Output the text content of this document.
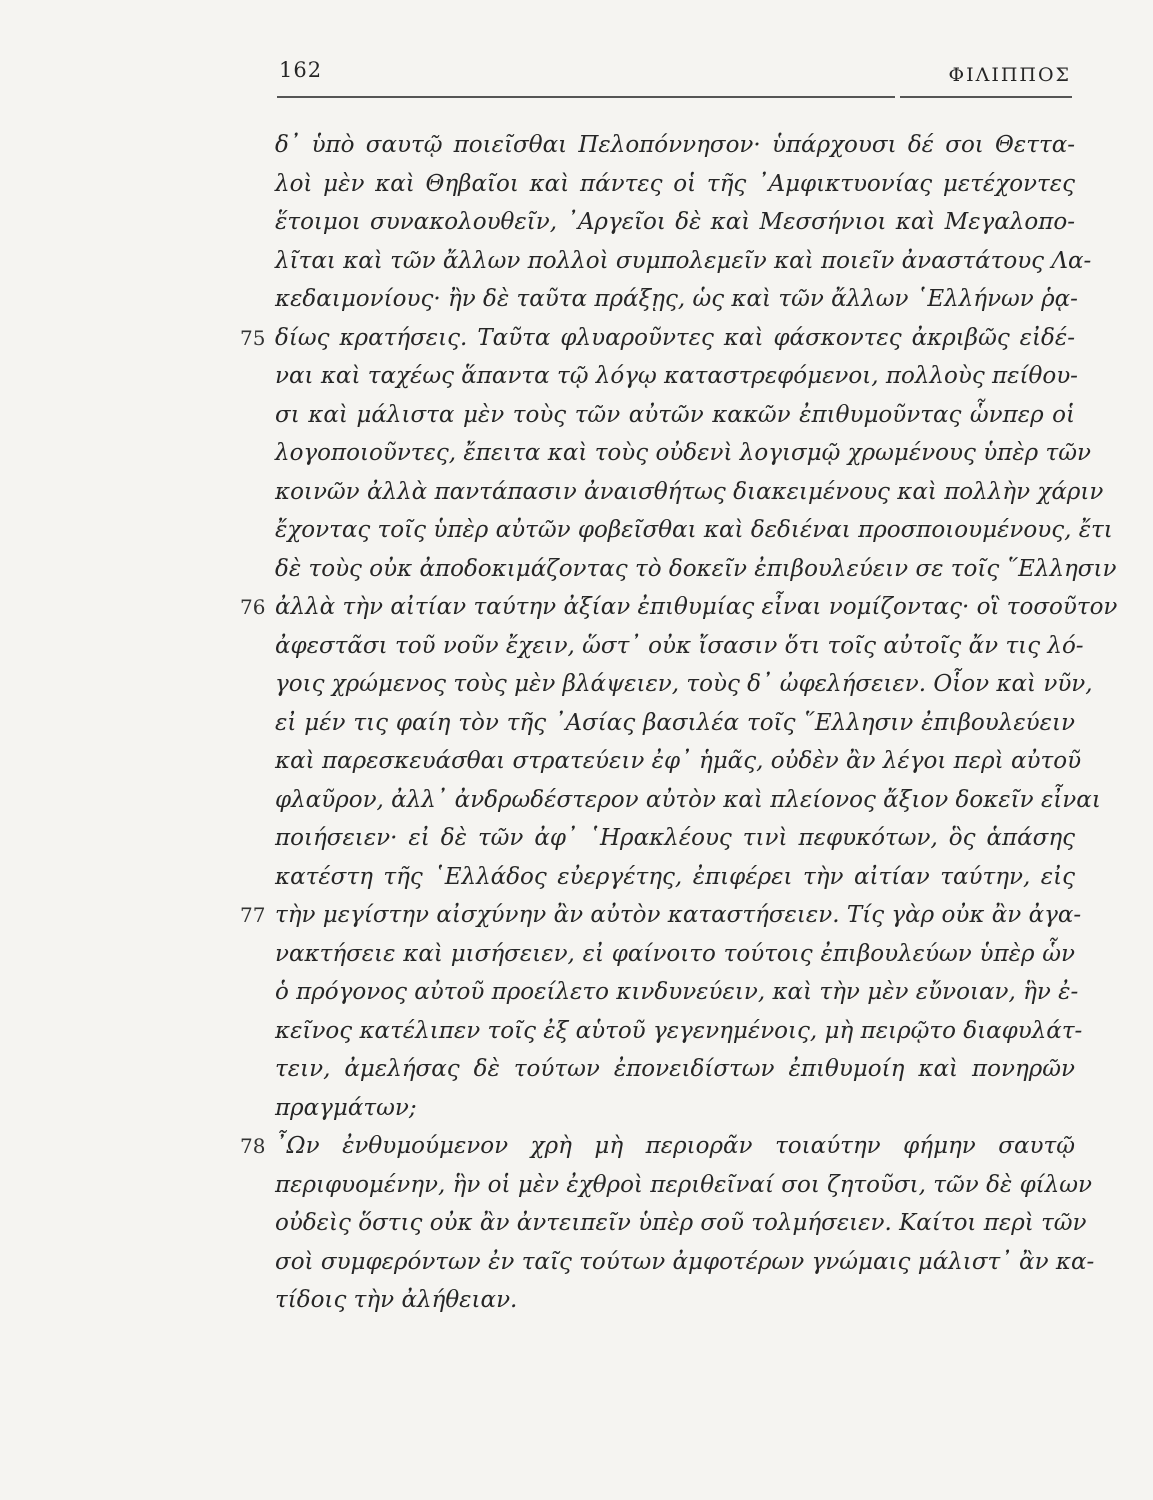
162	ΦΙΛΙΠΠΟΣ
δ᾽ ὑπὸ σαυτῷ ποιεῖσθαι Πελοπόννησον· ὑπάρχουσι δέ σοι Θεττα-
λοὶ μὲν καὶ Θηβαῖοι καὶ πάντες οἱ τῆς ᾽Αμφικτυονίας μετέχοντες
ἕτοιμοι συνακολουθεῖν, ᾽Αργεῖοι δὲ καὶ Μεσσήνιοι καὶ Μεγαλοπο-
λῖται καὶ τῶν ἄλλων πολλοὶ συμπολεμεῖν καὶ ποιεῖν ἀναστάτους Λα-
κεδαιμονίους· ἢν δὲ ταῦτα πράξῃς, ὡς καὶ τῶν ἄλλων ῾Ελλήνων ῥᾳ-
75 δίως κρατήσεις. Ταῦτα φλυαροῦντες καὶ φάσκοντες ἀκριβῶς εἰδέ-
ναι καὶ ταχέως ἅπαντα τῷ λόγῳ καταστρεφόμενοι, πολλοὺς πείθου-
σι καὶ μάλιστα μὲν τοὺς τῶν αὐτῶν κακῶν ἐπιθυμοῦντας ὧνπερ οἱ
λογοποιοῦντες, ἔπειτα καὶ τοὺς οὐδενὶ λογισμῷ χρωμένους ὑπὲρ τῶν
κοινῶν ἀλλὰ παντάπασιν ἀναισθήτως διακειμένους καὶ πολλὴν χάριν
ἔχοντας τοῖς ὑπὲρ αὐτῶν φοβεῖσθαι καὶ δεδιέναι προσποιουμένους, ἔτι
δὲ τοὺς οὐκ ἀποδοκιμάζοντας τὸ δοκεῖν ἐπιβουλεύειν σε τοῖς ῞Ελλησιν
76 ἀλλὰ τὴν αἰτίαν ταύτην ἀξίαν ἐπιθυμίας εἶναι νομίζοντας· οἳ τοσοῦτον
ἀφεστᾶσι τοῦ νοῦν ἔχειν, ὥστ᾽ οὐκ ἴσασιν ὅτι τοῖς αὐτοῖς ἄν τις λό-
γοις χρώμενος τοὺς μὲν βλάψειεν, τοὺς δ᾽ ὠφελήσειεν. Οἷον καὶ νῦν,
εἰ μέν τις φαίη τὸν τῆς ᾽Ασίας βασιλέα τοῖς ῞Ελλησιν ἐπιβουλεύειν
καὶ παρεσκευάσθαι στρατεύειν ἐφ᾽ ἡμᾶς, οὐδὲν ἂν λέγοι περὶ αὐτοῦ
φλαῦρον, ἀλλ᾽ ἀνδρωδέστερον αὐτὸν καὶ πλείονος ἄξιον δοκεῖν εἶναι
ποιήσειεν· εἰ δὲ τῶν ἀφ᾽ ῾Ηρακλέους τινὶ πεφυκότων, ὃς ἁπάσης
κατέστη τῆς ῾Ελλάδος εὐεργέτης, ἐπιφέρει τὴν αἰτίαν ταύτην, εἰς
77 τὴν μεγίστην αἰσχύνην ἂν αὐτὸν καταστήσειεν. Τίς γὰρ οὐκ ἂν ἀγα-
νακτήσειε καὶ μισήσειεν, εἰ φαίνοιτο τούτοις ἐπιβουλεύων ὑπὲρ ὧν
ὁ πρόγονος αὐτοῦ προείλετο κινδυνεύειν, καὶ τὴν μὲν εὔνοιαν, ἣν ἐ-
κεῖνος κατέλιπεν τοῖς ἐξ αὑτοῦ γεγενημένοις, μὴ πειρῷτο διαφυλάτ-
τειν, ἀμελήσας δὲ τούτων ἐπονειδίστων ἐπιθυμοίη καὶ πονηρῶν
πραγμάτων;
78 ῏Ων ἐνθυμούμενον χρὴ μὴ περιορᾶν τοιαύτην φήμην σαυτῷ
περιφυομένην, ἣν οἱ μὲν ἐχθροὶ περιθεῖναί σοι ζητοῦσι, τῶν δὲ φίλων
οὐδεὶς ὅστις οὐκ ἂν ἀντειπεῖν ὑπὲρ σοῦ τολμήσειεν. Καίτοι περὶ τῶν
σοὶ συμφερόντων ἐν ταῖς τούτων ἀμφοτέρων γνώμαις μάλιστ᾽ ἂν κα-
τίδοις τὴν ἀλήθειαν.
